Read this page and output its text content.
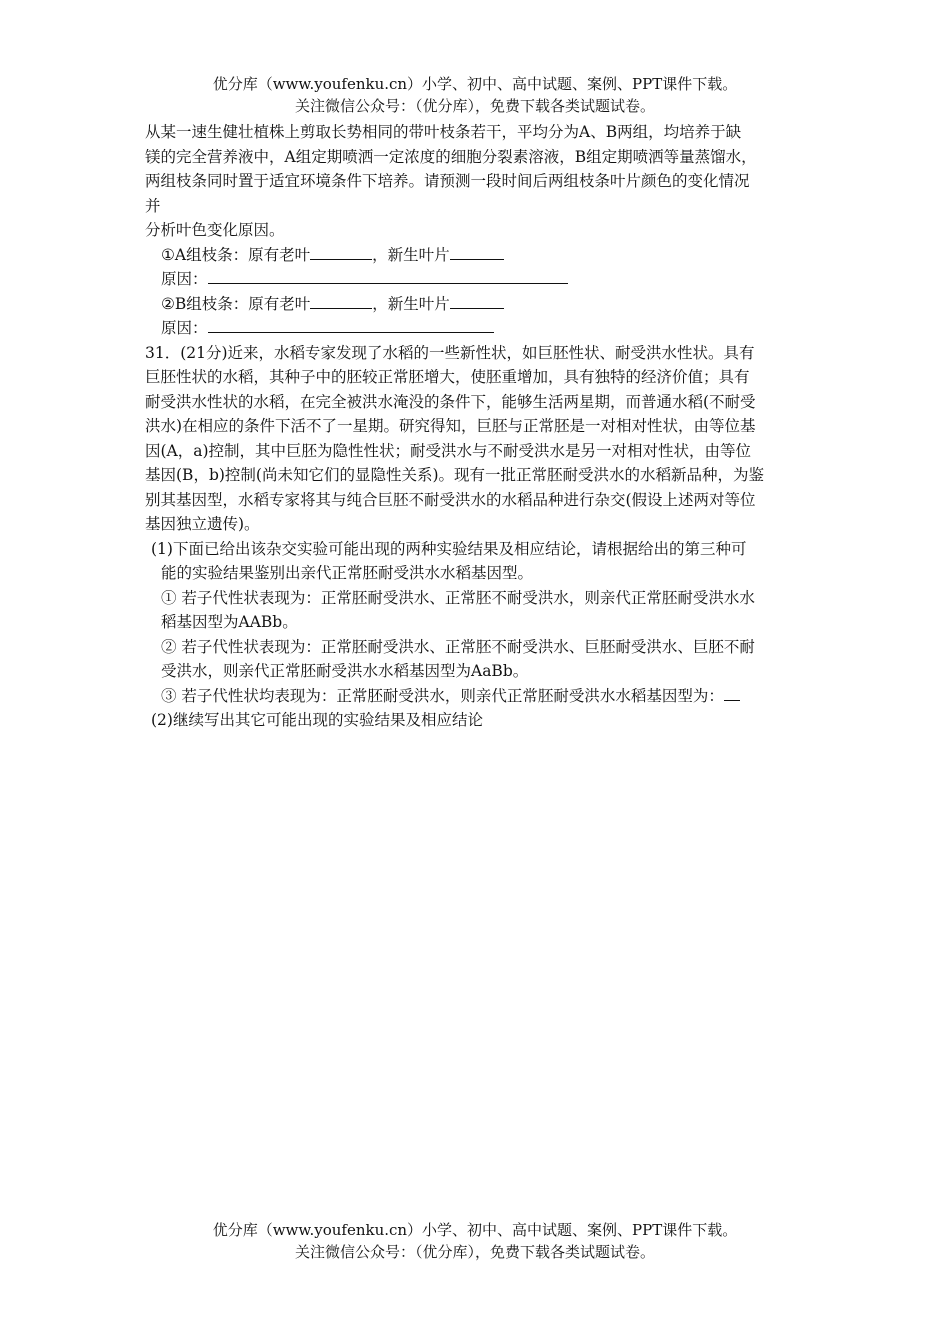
优分库（www.youfenku.cn）小学、初中、高中试题、案例、PPT课件下载。
关注微信公众号：（优分库），免费下载各类试题试卷。
从某一速生健壮植株上剪取长势相同的带叶枝条若干，平均分为A、B两组，均培养于缺
镁的完全营养液中，A组定期喷洒一定浓度的细胞分裂素溶液，B组定期喷洒等量蒸馏水，
两组枝条同时置于适宜环境条件下培养。请预测一段时间后两组枝条叶片颜色的变化情况
并
分析叶色变化原因。
①A组枝条：原有老叶	，新生叶片
原因：
②B组枝条：原有老叶	，新生叶片
原因：
31．(21分)近来，水稻专家发现了水稻的一些新性状，如巨胚性状、耐受洪水性状。具有
巨胚性状的水稻，其种子中的胚较正常胚增大，使胚重增加，具有独特的经济价值；具有
耐受洪水性状的水稻，在完全被洪水淹没的条件下，能够生活两星期，而普通水稻(不耐受
洪水)在相应的条件下活不了一星期。研究得知，巨胚与正常胚是一对相对性状，由等位基
因(A，a)控制，其中巨胚为隐性性状；耐受洪水与不耐受洪水是另一对相对性状，由等位
基因(B，b)控制(尚未知它们的显隐性关系)。现有一批正常胚耐受洪水的水稻新品种，为鉴
别其基因型，水稻专家将其与纯合巨胚不耐受洪水的水稻品种进行杂交(假设上述两对等位
基因独立遗传)。
(1)下面已给出该杂交实验可能出现的两种实验结果及相应结论，请根据给出的第三种可
能的实验结果鉴别出亲代正常胚耐受洪水水稻基因型。
① 若子代性状表现为：正常胚耐受洪水、正常胚不耐受洪水，则亲代正常胚耐受洪水水
稻基因型为AABb。
② 若子代性状表现为：正常胚耐受洪水、正常胚不耐受洪水、巨胚耐受洪水、巨胚不耐
受洪水，则亲代正常胚耐受洪水水稻基因型为AaBb。
③ 若子代性状均表现为：正常胚耐受洪水，则亲代正常胚耐受洪水水稻基因型为：
(2)继续写出其它可能出现的实验结果及相应结论
优分库（www.youfenku.cn）小学、初中、高中试题、案例、PPT课件下载。
关注微信公众号：（优分库），免费下载各类试题试卷。
